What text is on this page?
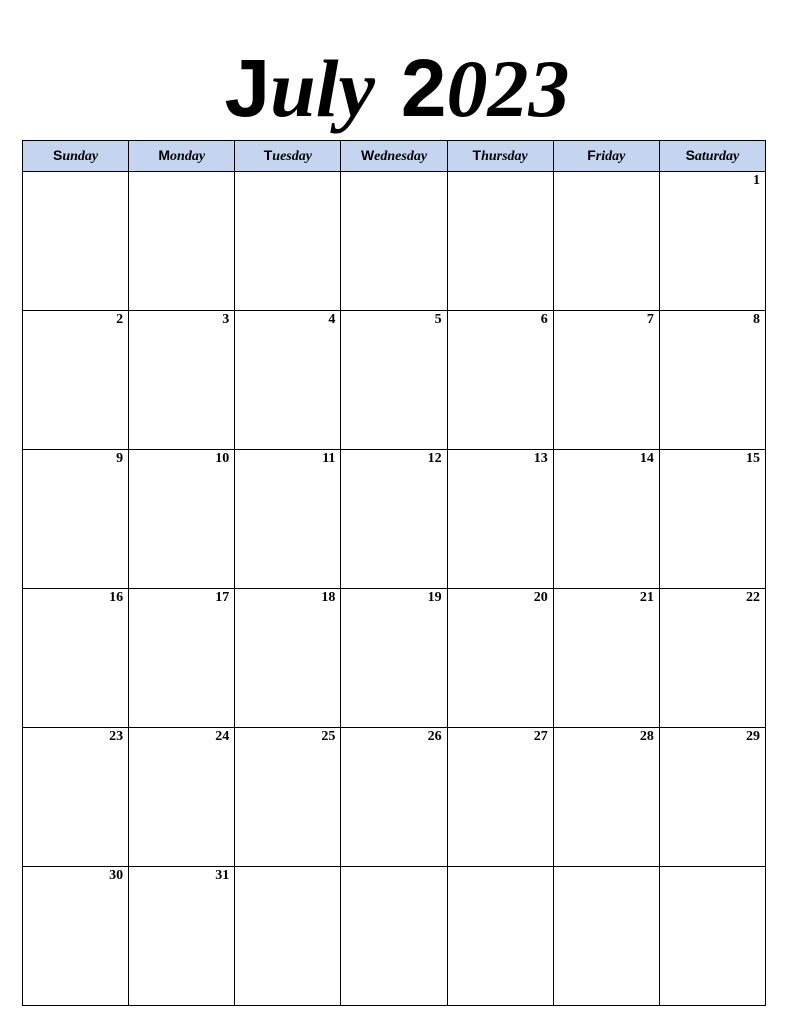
July 2023
Sunday	Monday	Tuesday	Wednesday	Thursday	Friday	Saturday
						1
2	3	4	5	6	7	8
9	10	11	12	13	14	15
16	17	18	19	20	21	22
23	24	25	26	27	28	29
30	31					
